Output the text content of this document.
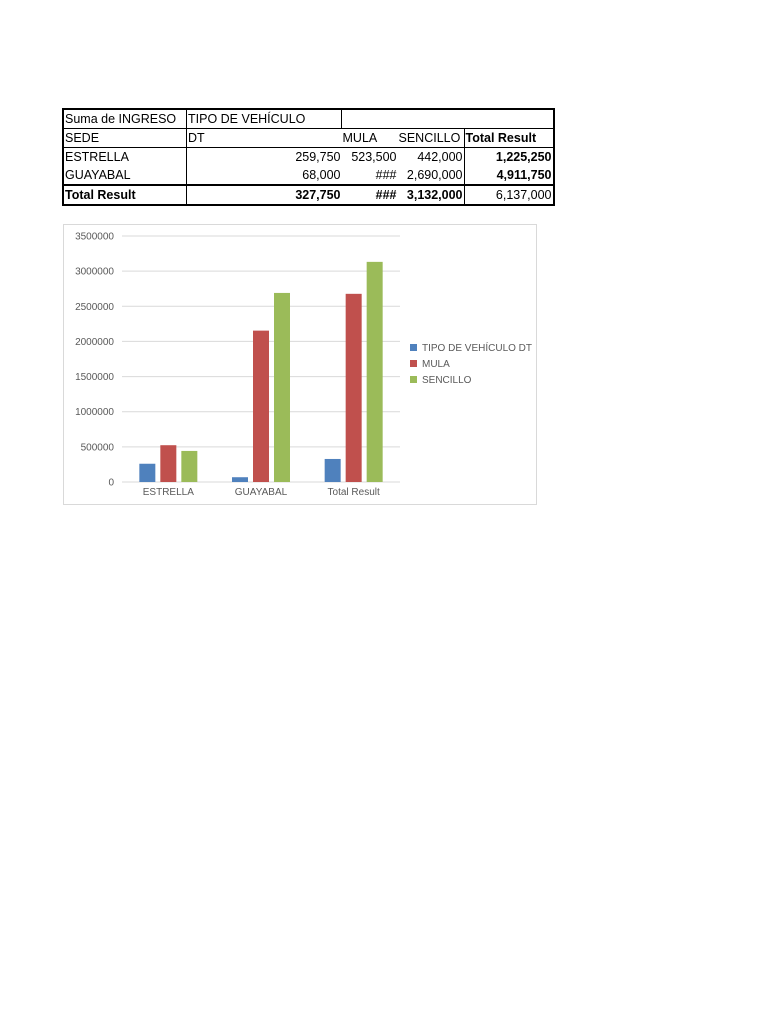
Suma de INGRESO	TIPO DE VEHÍCULO			
SEDE	DT	MULA	SENCILLO	Total Result
ESTRELLA	259,750	523,500	442,000	1,225,250
GUAYABAL	68,000	###	2,690,000	4,911,750
Total Result	327,750	###	3,132,000	6,137,000
0
500000
1000000
1500000
2000000
2500000
3000000
3500000
ESTRELLA	GUAYABAL	Total Result
TIPO DE VEHÍCULO DT
MULA
SENCILLO
